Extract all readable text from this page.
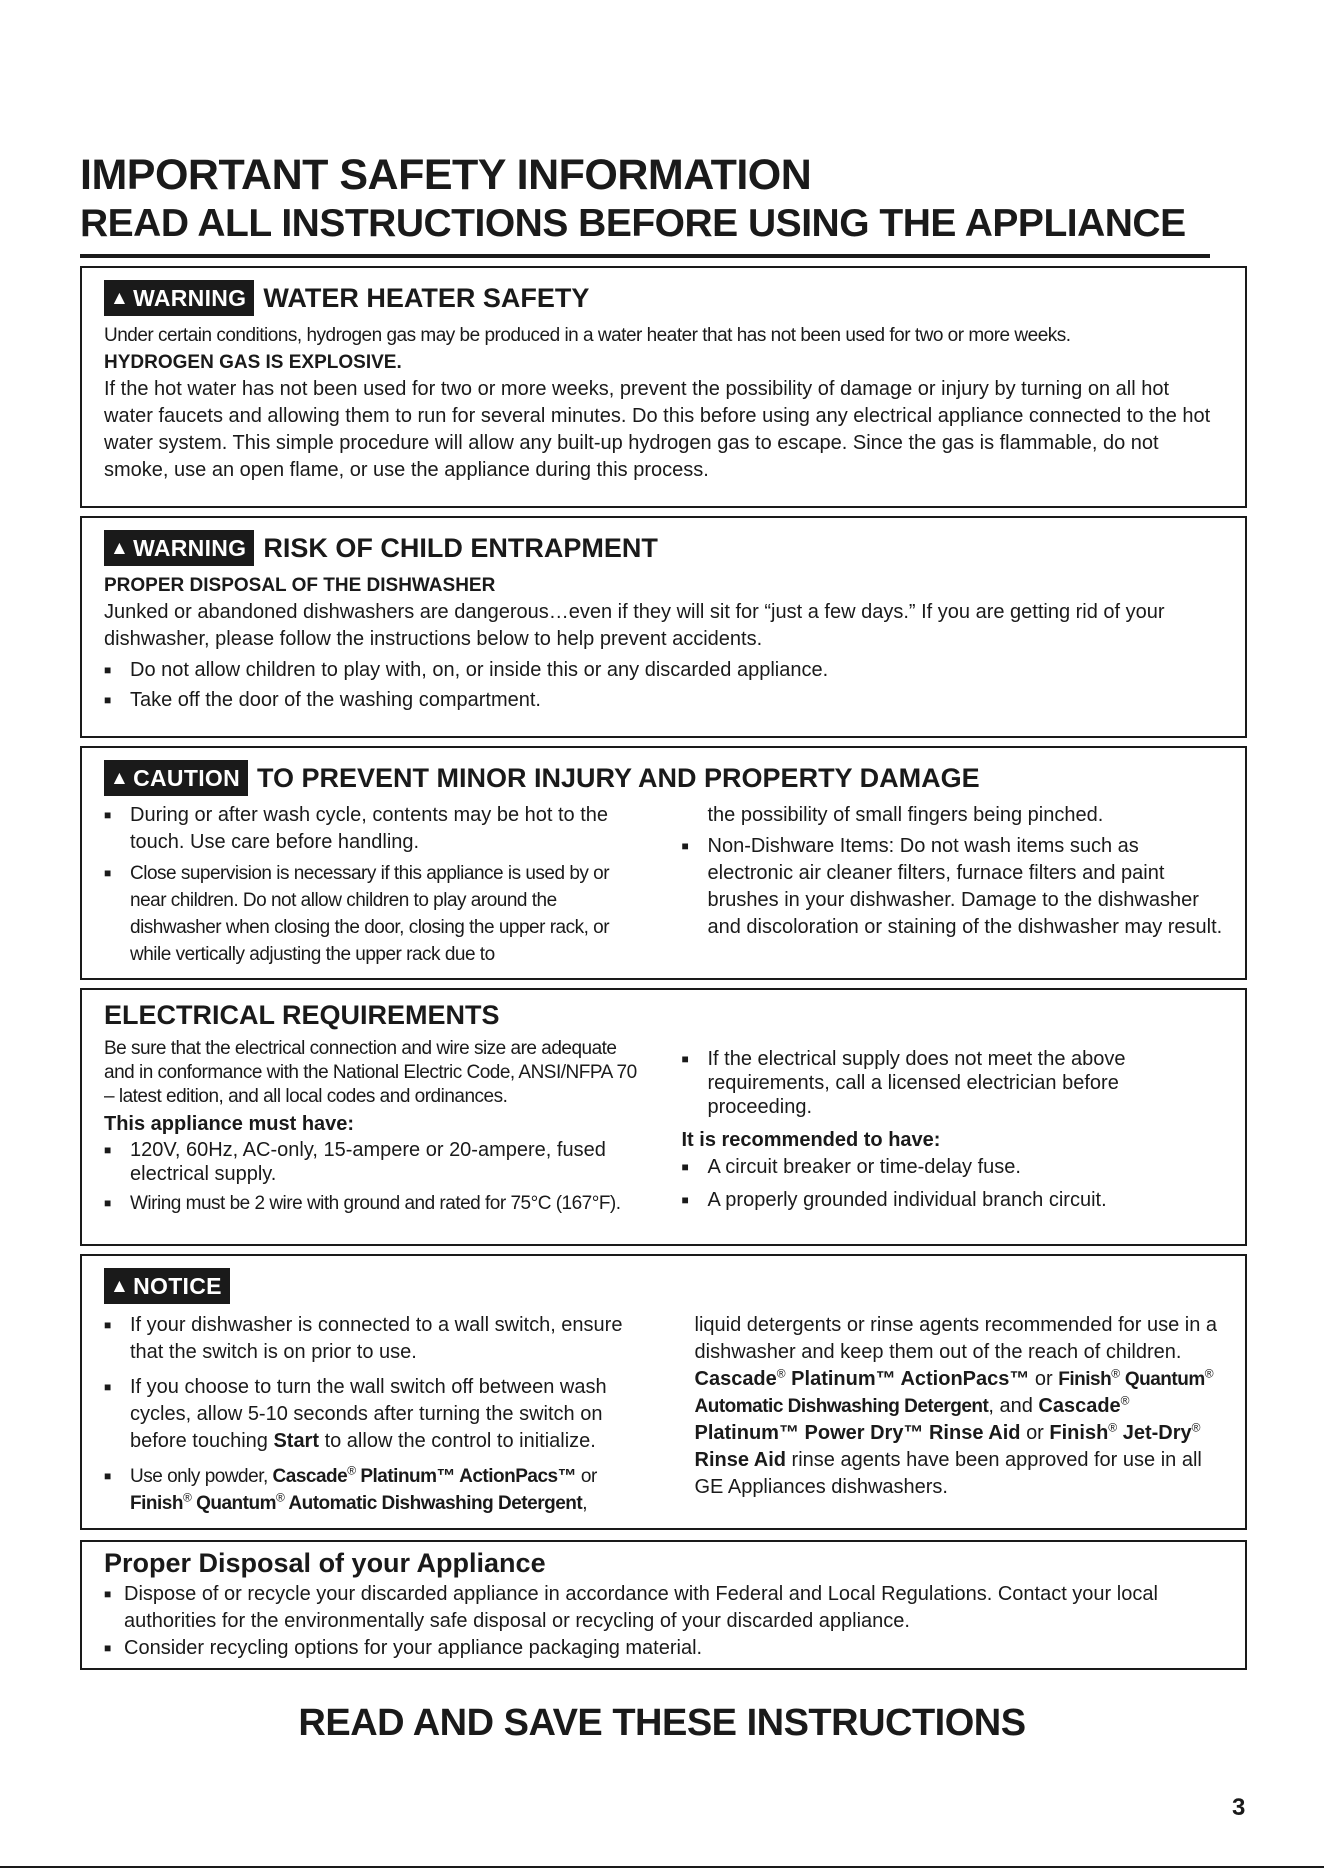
IMPORTANT SAFETY INFORMATION

READ ALL INSTRUCTIONS BEFORE USING THE APPLIANCE

▲ WARNING WATER HEATER SAFETY

Under certain conditions, hydrogen gas may be produced in a water heater that has not been used for two or more weeks.

HYDROGEN GAS IS EXPLOSIVE.

If the hot water has not been used for two or more weeks, prevent the possibility of damage or injury by turning on all hot water faucets and allowing them to run for several minutes. Do this before using any electrical appliance connected to the hot water system. This simple procedure will allow any built-up hydrogen gas to escape. Since the gas is flammable, do not smoke, use an open flame, or use the appliance during this process.

▲ WARNING RISK OF CHILD ENTRAPMENT

PROPER DISPOSAL OF THE DISHWASHER

Junked or abandoned dishwashers are dangerous…even if they will sit for “just a few days.” If you are getting rid of your dishwasher, please follow the instructions below to help prevent accidents.

■ Do not allow children to play with, on, or inside this or any discarded appliance.
■ Take off the door of the washing compartment.
▲ CAUTION TO PREVENT MINOR INJURY AND PROPERTY DAMAGE
■ During or after wash cycle, contents may be hot to the touch. Use care before handling.
■ Close supervision is necessary if this appliance is used by or near children. Do not allow children to play around the dishwasher when closing the door, closing the upper rack, or while vertically adjusting the upper rack due to

the possibility of small fingers being pinched.

■ Non-Dishware Items: Do not wash items such as electronic air cleaner filters, furnace filters and paint brushes in your dishwasher. Damage to the dishwasher and discoloration or staining of the dishwasher may result.
ELECTRICAL REQUIREMENTS

Be sure that the electrical connection and wire size are adequate and in conformance with the National Electric Code, ANSI/NFPA 70 – latest edition, and all local codes and ordinances.

This appliance must have:

■ 120V, 60Hz, AC-only, 15-ampere or 20-ampere, fused electrical supply.
■ Wiring must be 2 wire with ground and rated for 75°C (167°F).
■ If the electrical supply does not meet the above requirements, call a licensed electrician before proceeding.

It is recommended to have:

■ A circuit breaker or time-delay fuse.
■ A properly grounded individual branch circuit.
▲ NOTICE
■ If your dishwasher is connected to a wall switch, ensure that the switch is on prior to use.
■ If you choose to turn the wall switch off between wash cycles, allow 5-10 seconds after turning the switch on before touching Start to allow the control to initialize.
■ Use only powder, Cascade® Platinum™ ActionPacs™ or
Finish® Quantum® Automatic Dishwashing Detergent,

liquid detergents or rinse agents recommended for use in a dishwasher and keep them out of the reach of children. Cascade® Platinum™ ActionPacs™ or Finish® Quantum® Automatic Dishwashing Detergent, and Cascade® Platinum™ Power Dry™ Rinse Aid or Finish® Jet-Dry® Rinse Aid rinse agents have been approved for use in all GE Appliances dishwashers.

Proper Disposal of your Appliance
■ Dispose of or recycle your discarded appliance in accordance with Federal and Local Regulations. Contact your local authorities for the environmentally safe disposal or recycling of your discarded appliance.
■ Consider recycling options for your appliance packaging material.
READ AND SAVE THESE INSTRUCTIONS
3
